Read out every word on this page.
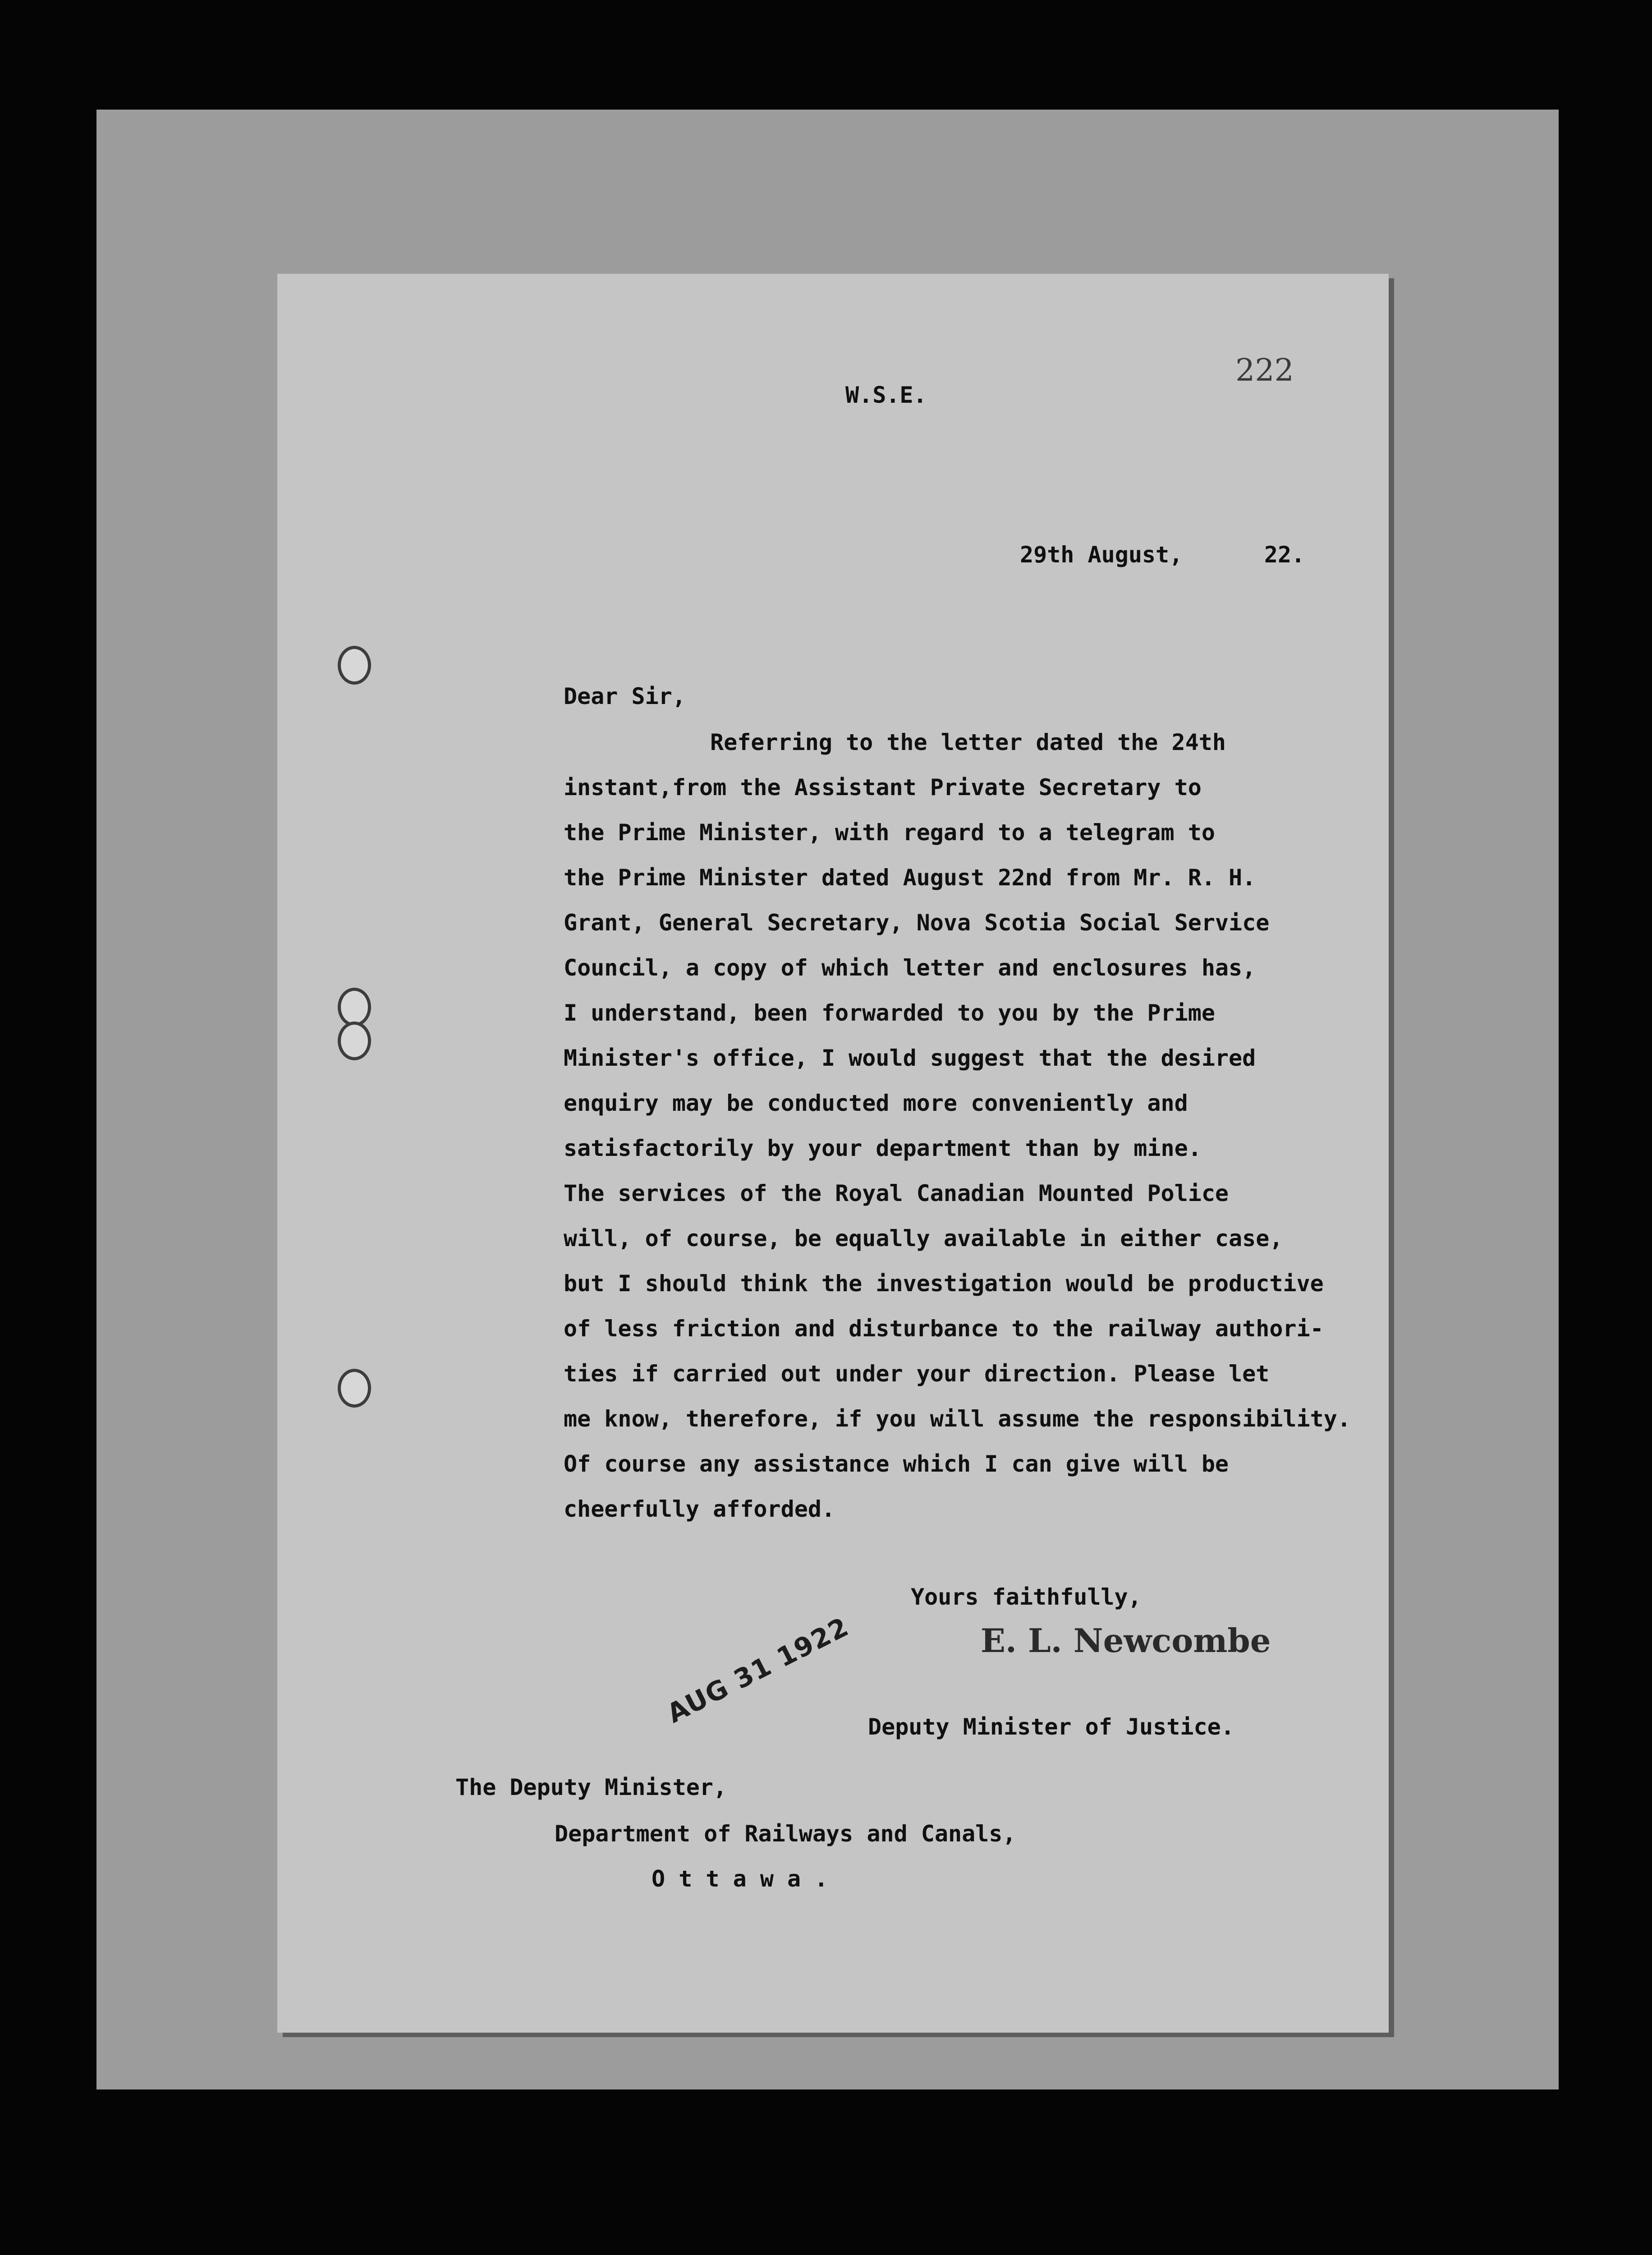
W.S.E.

222

29th August,      22.

Dear Sir,

Referring to the letter dated the 24th

instant,from the Assistant Private Secretary to

the Prime Minister, with regard to a telegram to

the Prime Minister dated August 22nd from Mr. R. H.

Grant, General Secretary, Nova Scotia Social Service

Council, a copy of which letter and enclosures has,

I understand, been forwarded to you by the Prime

Minister's office, I would suggest that the desired

enquiry may be conducted more conveniently and

satisfactorily by your department than by mine.

The services of the Royal Canadian Mounted Police

will, of course, be equally available in either case,

but I should think the investigation would be productive

of less friction and disturbance to the railway authori-

ties if carried out under your direction. Please let

me know, therefore, if you will assume the responsibility.

Of course any assistance which I can give will be

cheerfully afforded.

Yours faithfully,

E. L. Newcombe
AUG 31 1922 Deputy Minister of Justice.

The Deputy Minister,

Department of Railways and Canals,

O t t a w a .
